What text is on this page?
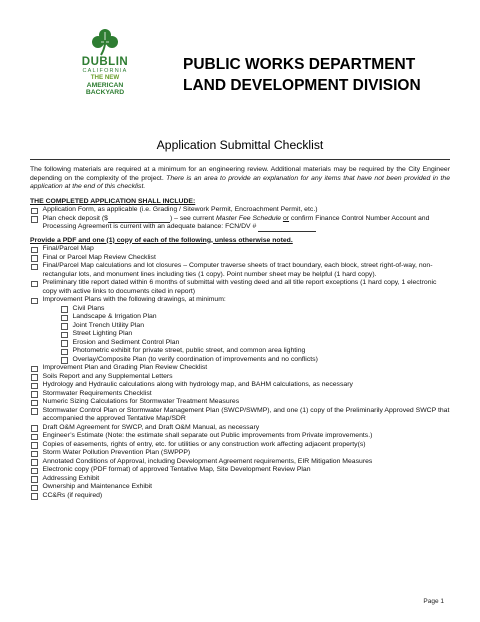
DUBLIN
CALIFORNIA
THE NEW
AMERICAN
BACKYARD
PUBLIC WORKS DEPARTMENT
LAND DEVELOPMENT DIVISION
Application Submittal Checklist

The following materials are required at a minimum for an engineering review. Additional materials may be required by the City Engineer depending on the complexity of the project. There is an area to provide an explanation for any items that have not been provided in the application at the end of this checklist.

THE COMPLETED APPLICATION SHALL INCLUDE:

Application Form, as applicable (i.e. Grading / Sitework Permit, Encroachment Permit, etc.)
Plan check deposit ($	) – see current Master Fee Schedule or confirm Finance Control Number Account and Processing Agreement is current with an adequate balance: FCN/DV #

Provide a PDF and one (1) copy of each of the following, unless otherwise noted.

Final/Parcel Map
Final or Parcel Map Review Checklist
Final/Parcel Map calculations and lot closures – Computer traverse sheets of tract boundary, each block, street right-of-way, non-rectangular lots, and monument lines including ties (1 copy). Point number sheet may be helpful (1 hard copy).
Preliminary title report dated within 6 months of submittal with vesting deed and all title report exceptions (1 hard copy, 1 electronic copy with active links to documents cited in report)
Improvement Plans with the following drawings, at minimum:
Civil Plans
Landscape & Irrigation Plan
Joint Trench Utility Plan
Street Lighting Plan
Erosion and Sediment Control Plan
Photometric exhibit for private street, public street, and common area lighting
Overlay/Composite Plan (to verify coordination of improvements and no conflicts)
Improvement Plan and Grading Plan Review Checklist
Soils Report and any Supplemental Letters
Hydrology and Hydraulic calculations along with hydrology map, and BAHM calculations, as necessary
Stormwater Requirements Checklist
Numeric Sizing Calculations for Stormwater Treatment Measures
Stormwater Control Plan or Stormwater Management Plan (SWCP/SWMP), and one (1) copy of the Preliminarily Approved SWCP that accompanied the approved Tentative Map/SDR
Draft O&M Agreement for SWCP, and Draft O&M Manual, as necessary
Engineer’s Estimate (Note: the estimate shall separate out Public improvements from Private improvements.)
Copies of easements, rights of entry, etc. for utilities or any construction work affecting adjacent property(s)
Storm Water Pollution Prevention Plan (SWPPP)
Annotated Conditions of Approval, including Development Agreement requirements, EIR Mitigation Measures
Electronic copy (PDF format) of approved Tentative Map, Site Development Review Plan
Addressing Exhibit
Ownership and Maintenance Exhibit
CC&Rs (if required)
Page 1
